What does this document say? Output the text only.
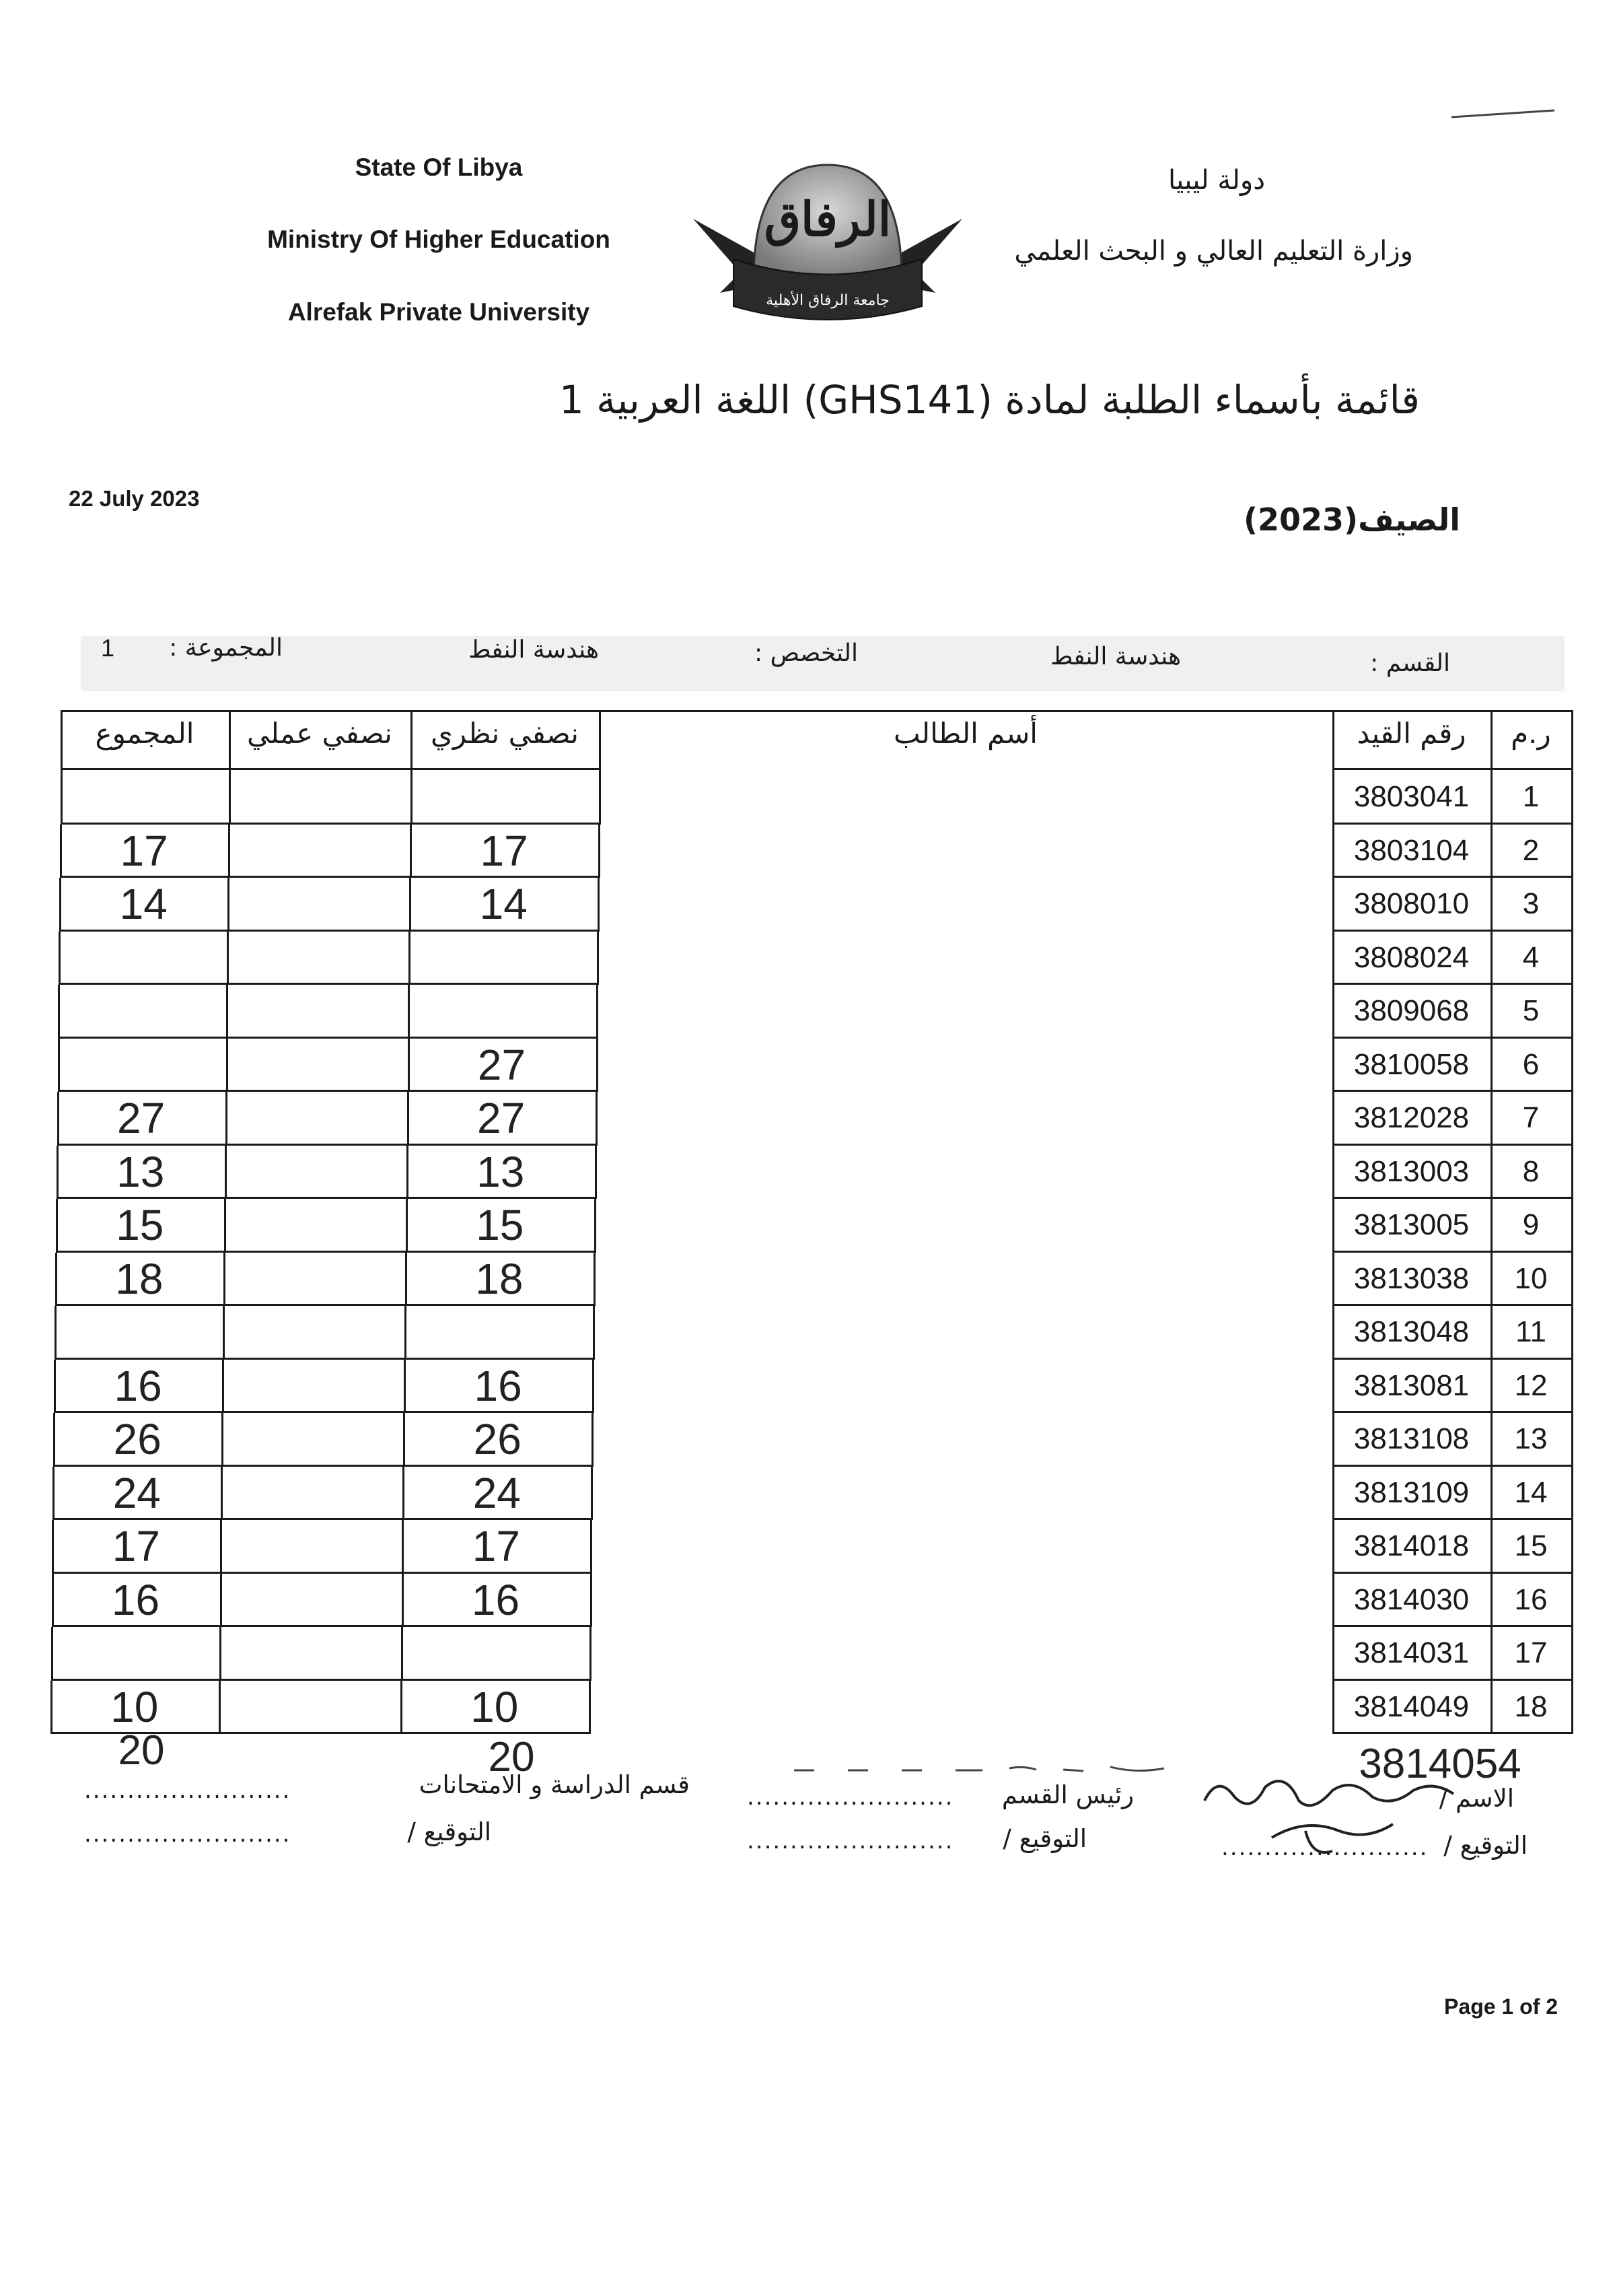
State Of Libya
Ministry Of Higher Education
Alrefak Private University
الرفاق
جامعة الرفاق الأهلية
دولة ليبيا
وزارة التعليم العالي و البحث العلمي
قائمة بأسماء الطلبة لمادة (GHS141) اللغة العربية 1
22 July 2023
الصيف(2023)
القسم :
هندسة النفط
التخصص :
هندسة النفط
المجموعة :
1
ر.م
رقم القيد
أسم الطالب
نصفي نظري
نصفي عملي
المجموع
1
3803041
2
3803104
17
17
3
3808010
14
14
4
3808024
5
3809068
6
3810058
27
7
3812028
27
27
8
3813003
13
13
9
3813005
15
15
10
3813038
18
18
11
3813048
12
3813081
16
16
13
3813108
26
26
14
3813109
24
24
15
3814018
17
17
16
3814030
16
16
17
3814031
18
3814049
10
10
20	20	3814054
قسم الدراسة و الامتحانات
التوقيع /
........................
........................
رئيس القسم
التوقيع /
........................
........................
الاسم /
التوقيع /
........................
Page 1 of 2
